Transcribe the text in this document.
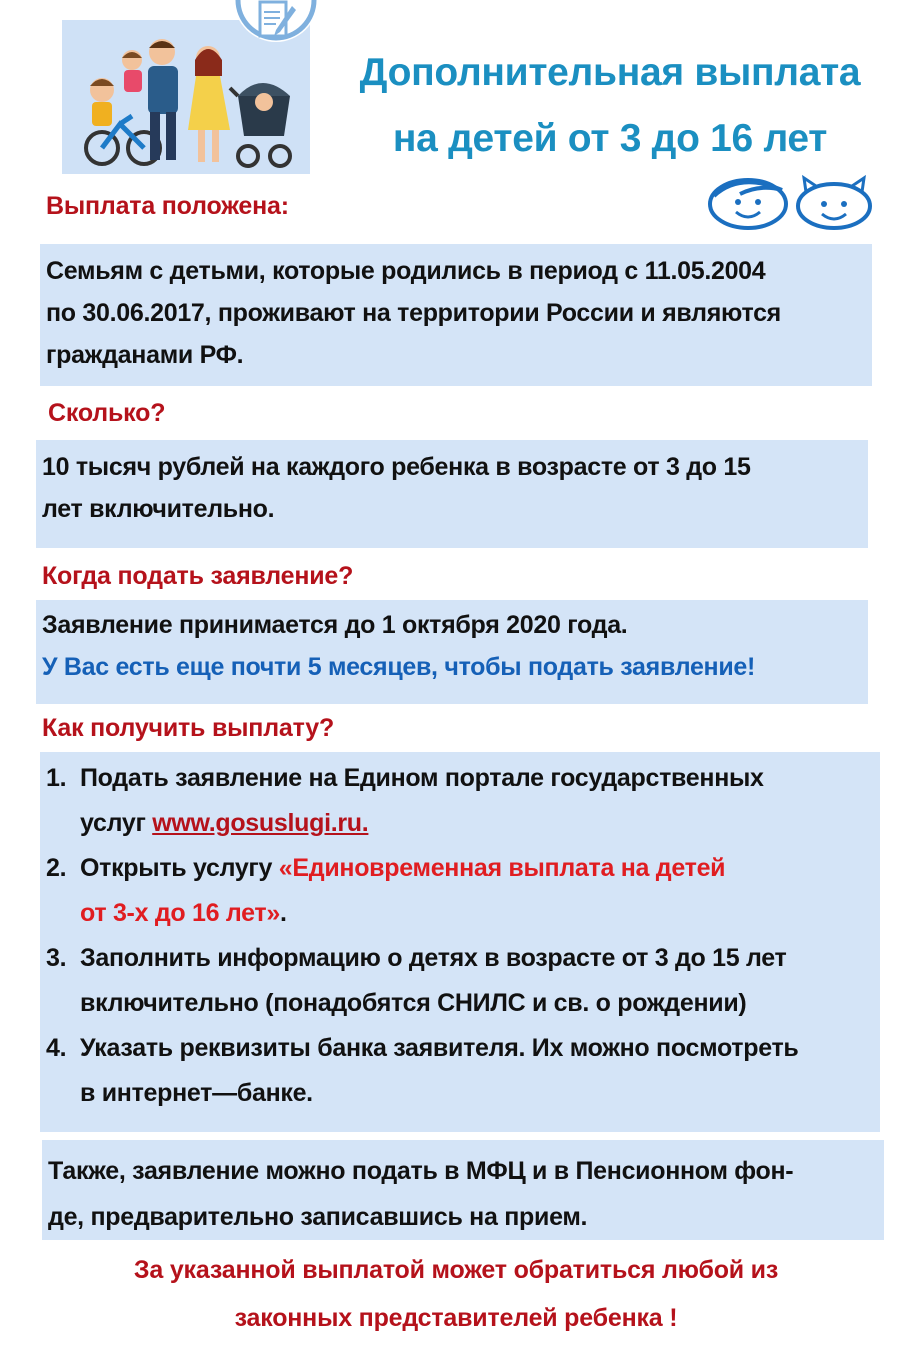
Дополнительная выплата
на детей от 3 до 16 лет
Выплата положена:
Семьям с детьми, которые родились в период с 11.05.2004
по 30.06.2017, проживают на территории России и являются
гражданами РФ.
Сколько?
10 тысяч рублей на каждого ребенка в возрасте от 3 до 15
лет включительно.
Когда подать заявление?
Заявление принимается до 1 октября 2020 года.
У Вас есть еще почти 5 месяцев, чтобы подать заявление!
Как получить выплату?
1. Подать заявление на Едином портале государственных
услуг www.gosuslugi.ru.
2. Открыть услугу «Единовременная выплата на детей
от 3-х до 16 лет».
3. Заполнить информацию о детях в возрасте от 3 до 15 лет
включительно (понадобятся СНИЛС и св. о рождении)
4. Указать реквизиты банка заявителя. Их можно посмотреть
в интернет—банке.
Также, заявление можно подать в МФЦ и в Пенсионном фон-
де, предварительно записавшись на прием.
За указанной выплатой может обратиться любой из
законных представителей ребенка !
